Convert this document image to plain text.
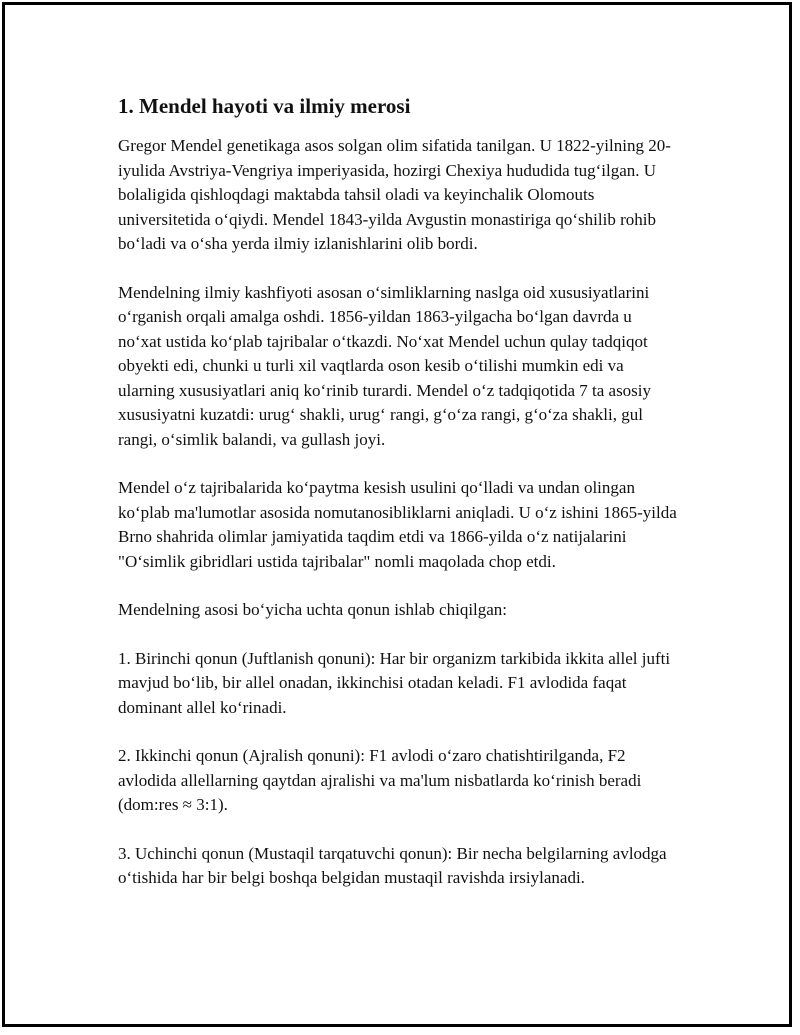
1. Mendel hayoti va ilmiy merosi

Gregor Mendel genetikaga asos solgan olim sifatida tanilgan. U 1822-yilning 20-iyulida Avstriya-Vengriya imperiyasida, hozirgi Chexiya hududida tug‘ilgan. U bolaligida qishloqdagi maktabda tahsil oladi va keyinchalik Olomouts universitetida o‘qiydi. Mendel 1843-yilda Avgustin monastiriga qo‘shilib rohib bo‘ladi va o‘sha yerda ilmiy izlanishlarini olib bordi.

Mendelning ilmiy kashfiyoti asosan o‘simliklarning naslga oid xususiyatlarini o‘rganish orqali amalga oshdi. 1856-yildan 1863-yilgacha bo‘lgan davrda u no‘xat ustida ko‘plab tajribalar o‘tkazdi. No‘xat Mendel uchun qulay tadqiqot obyekti edi, chunki u turli xil vaqtlarda oson kesib o‘tilishi mumkin edi va ularning xususiyatlari aniq ko‘rinib turardi. Mendel o‘z tadqiqotida 7 ta asosiy xususiyatni kuzatdi: urug‘ shakli, urug‘ rangi, g‘o‘za rangi, g‘o‘za shakli, gul rangi, o‘simlik balandi, va gullash joyi.

Mendel o‘z tajribalarida ko‘paytma kesish usulini qo‘lladi va undan olingan ko‘plab ma'lumotlar asosida nomutanosibliklarni aniqladi. U o‘z ishini 1865-yilda Brno shahrida olimlar jamiyatida taqdim etdi va 1866-yilda o‘z natijalarini "O‘simlik gibridlari ustida tajribalar" nomli maqolada chop etdi.

Mendelning asosi bo‘yicha uchta qonun ishlab chiqilgan:

1. Birinchi qonun (Juftlanish qonuni): Har bir organizm tarkibida ikkita allel jufti mavjud bo‘lib, bir allel onadan, ikkinchisi otadan keladi. F1 avlodida faqat dominant allel ko‘rinadi.

2. Ikkinchi qonun (Ajralish qonuni): F1 avlodi o‘zaro chatishtirilganda, F2 avlodida allellarning qaytdan ajralishi va ma'lum nisbatlarda ko‘rinish beradi (dom:res ≈ 3:1).

3. Uchinchi qonun (Mustaqil tarqatuvchi qonun): Bir necha belgilarning avlodga o‘tishida har bir belgi boshqa belgidan mustaqil ravishda irsiylanadi.
